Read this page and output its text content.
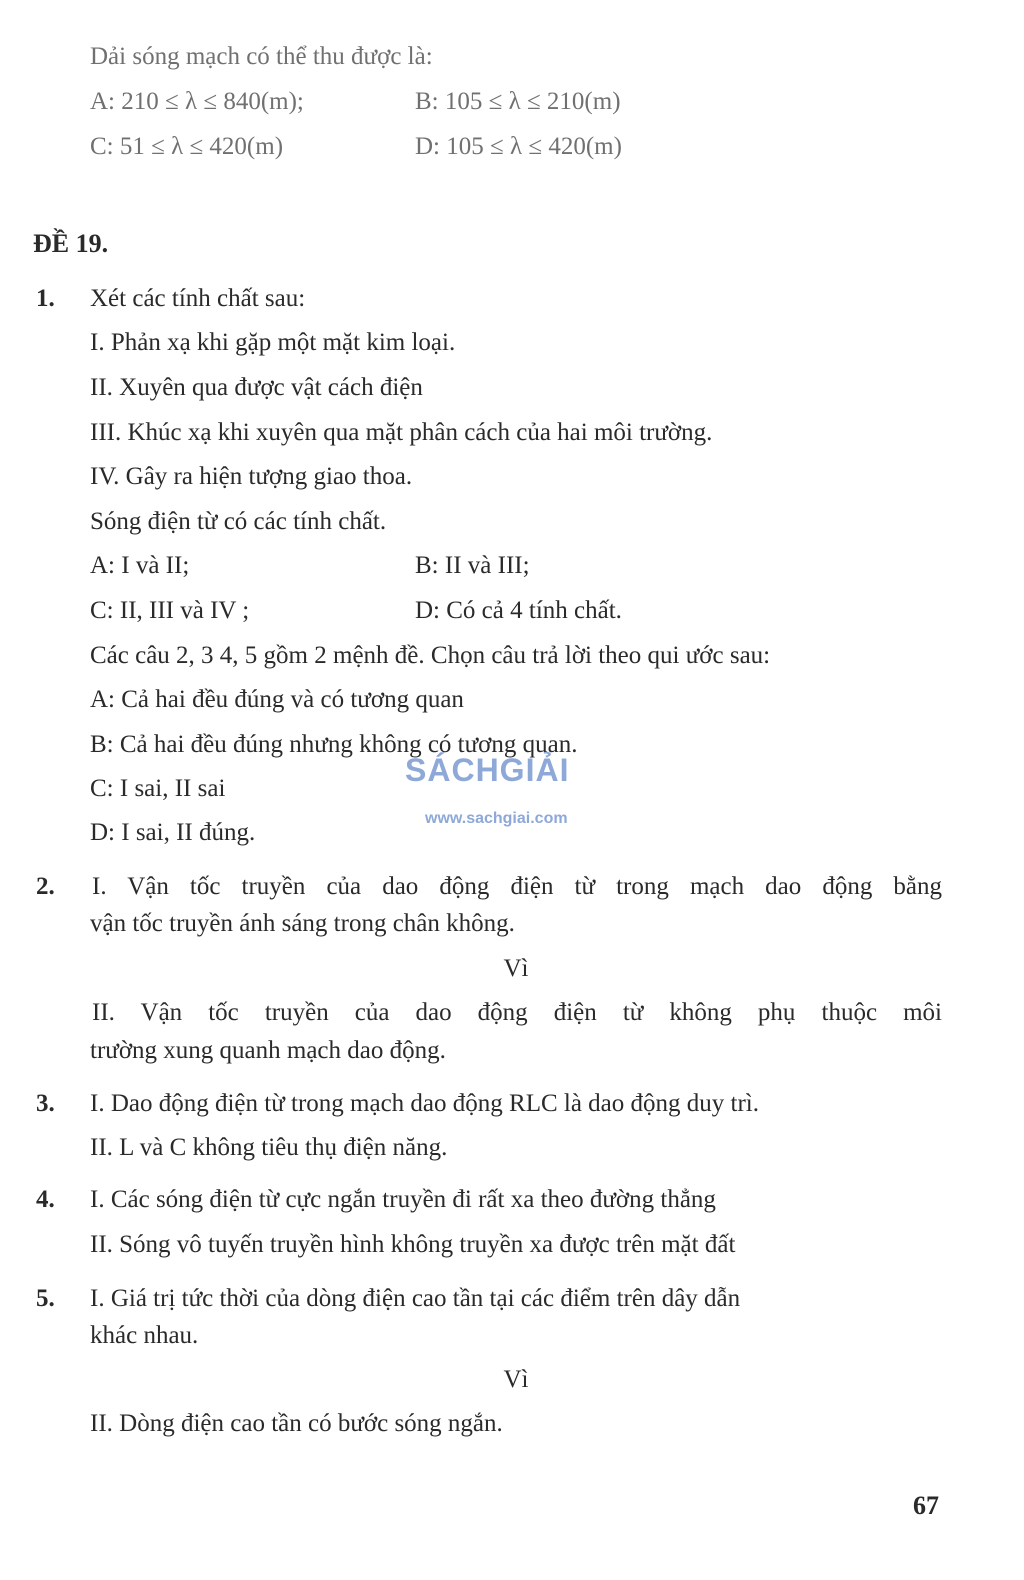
Dải sóng mạch có thể thu được là:
A: 210 ≤ λ ≤ 840(m);	B: 105 ≤ λ ≤ 210(m)
C: 51 ≤ λ ≤ 420(m)	D: 105 ≤ λ ≤ 420(m)
ĐỀ 19.
1. Xét các tính chất sau:
I. Phản xạ khi gặp một mặt kim loại.
II. Xuyên qua được vật cách điện
III. Khúc xạ khi xuyên qua mặt phân cách của hai môi trường.
IV. Gây ra hiện tượng giao thoa.
Sóng điện từ có các tính chất.
A: I và II;	B: II và III;
C: II, III và IV ;	D: Có cả 4 tính chất.
Các câu 2, 3 4, 5 gồm 2 mệnh đề. Chọn câu trả lời theo qui ước sau:
A: Cả hai đều đúng và có tương quan
B: Cả hai đều đúng nhưng không có tương quan.
C: I sai, II sai
D: I sai, II đúng.
SÁCHGIẢI
www.sachgiai.com
2. I. Vận tốc truyền của dao động điện từ trong mạch dao động bằng
vận tốc truyền ánh sáng trong chân không.
Vì
II. Vận tốc truyền của dao động điện từ không phụ thuộc môi
trường xung quanh mạch dao động.
3. I. Dao động điện từ trong mạch dao động RLC là dao động duy trì.
II. L và C không tiêu thụ điện năng.
4. I. Các sóng điện từ cực ngắn truyền đi rất xa theo đường thẳng
II. Sóng vô tuyến truyền hình không truyền xa được trên mặt đất
5. I. Giá trị tức thời của dòng điện cao tần tại các điểm trên dây dẫn
khác nhau.
Vì
II. Dòng điện cao tần có bước sóng ngắn.
67
